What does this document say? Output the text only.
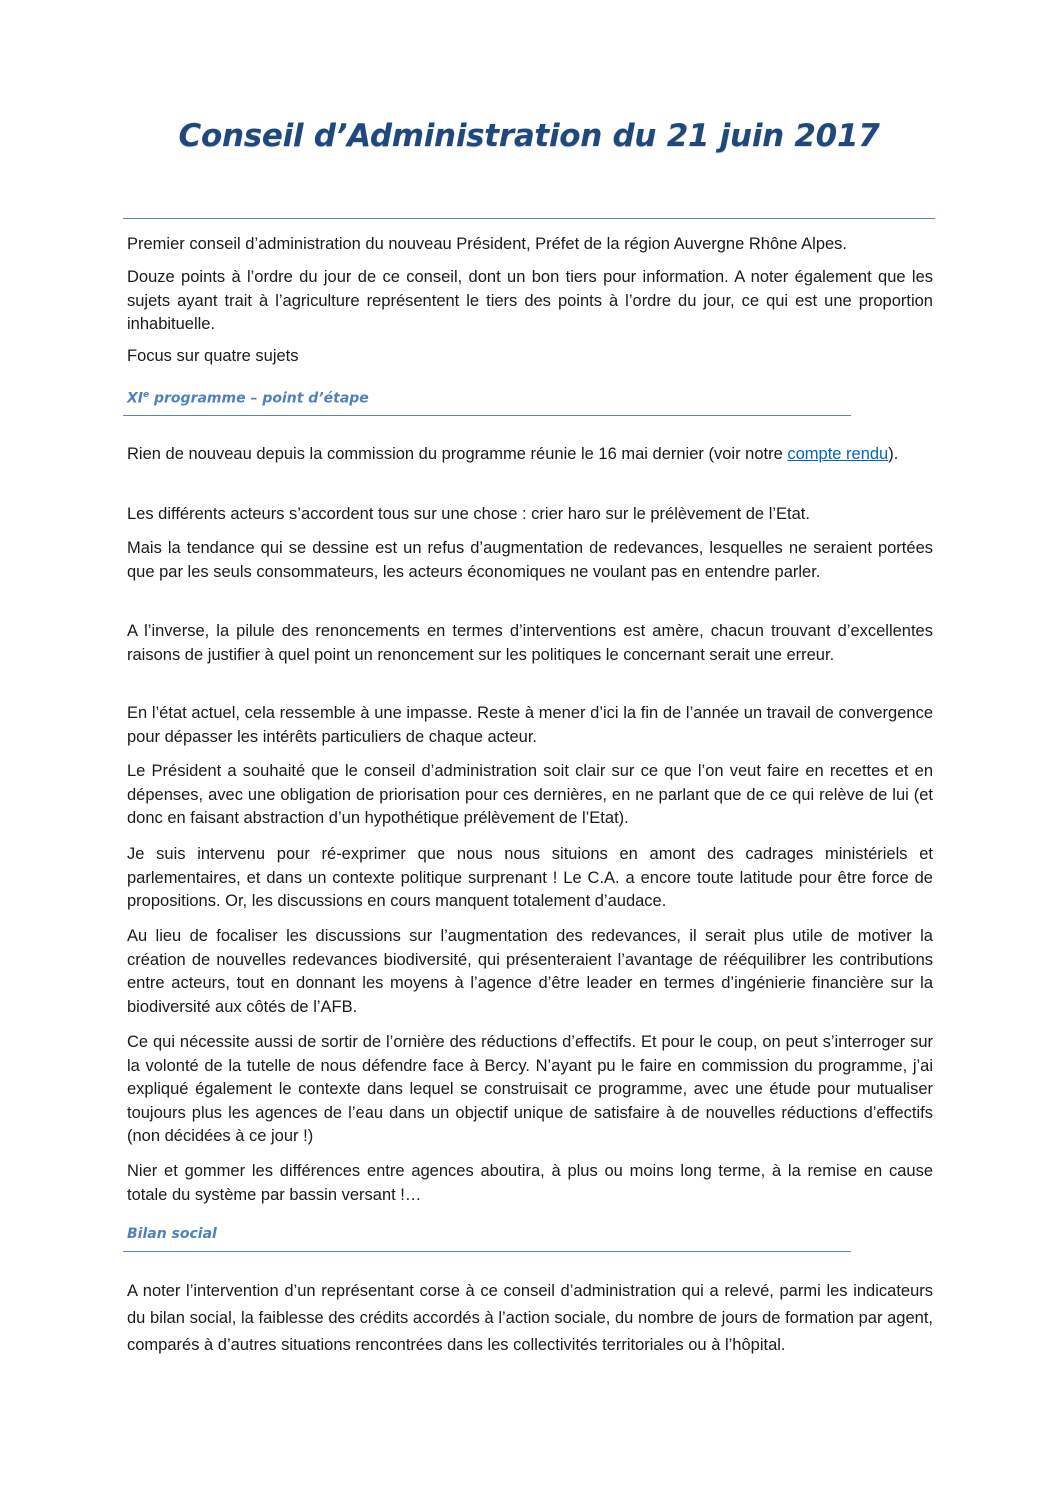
Conseil d’Administration du 21 juin 2017

Premier conseil d’administration du nouveau Président, Préfet de la région Auvergne Rhône Alpes.

Douze points à l’ordre du jour de ce conseil, dont un bon tiers pour information. A noter également que les sujets ayant trait à l’agriculture représentent le tiers des points à l’ordre du jour, ce qui est une proportion inhabituelle.

Focus sur quatre sujets

XIe programme – point d’étape

Rien de nouveau depuis la commission du programme réunie le 16 mai dernier (voir notre compte rendu).

Les différents acteurs s’accordent tous sur une chose : crier haro sur le prélèvement de l’Etat.

Mais la tendance qui se dessine est un refus d’augmentation de redevances, lesquelles ne seraient portées que par les seuls consommateurs, les acteurs économiques ne voulant pas en entendre parler.

A l’inverse, la pilule des renoncements en termes d’interventions est amère, chacun trouvant d’excellentes raisons de justifier à quel point un renoncement sur les politiques le concernant serait une erreur.

En l’état actuel, cela ressemble à une impasse. Reste à mener d’ici la fin de l’année un travail de convergence pour dépasser les intérêts particuliers de chaque acteur.

Le Président a souhaité que le conseil d’administration soit clair sur ce que l’on veut faire en recettes et en dépenses, avec une obligation de priorisation pour ces dernières, en ne parlant que de ce qui relève de lui (et donc en faisant abstraction d’un hypothétique prélèvement de l’Etat).

Je suis intervenu pour ré-exprimer que nous nous situions en amont des cadrages ministériels et parlementaires, et dans un contexte politique surprenant ! Le C.A. a encore toute latitude pour être force de propositions. Or, les discussions en cours manquent totalement d’audace.

Au lieu de focaliser les discussions sur l’augmentation des redevances, il serait plus utile de motiver la création de nouvelles redevances biodiversité, qui présenteraient l’avantage de rééquilibrer les contributions entre acteurs, tout en donnant les moyens à l’agence d’être leader en termes d’ingénierie financière sur la biodiversité aux côtés de l’AFB.

Ce qui nécessite aussi de sortir de l’ornière des réductions d’effectifs. Et pour le coup, on peut s’interroger sur la volonté de la tutelle de nous défendre face à Bercy. N’ayant pu le faire en commission du programme, j’ai expliqué également le contexte dans lequel se construisait ce programme, avec une étude pour mutualiser toujours plus les agences de l’eau dans un objectif unique de satisfaire à de nouvelles réductions d’effectifs (non décidées à ce jour !)

Nier et gommer les différences entre agences aboutira, à plus ou moins long terme, à la remise en cause totale du système par bassin versant !…

Bilan social

A noter l’intervention d’un représentant corse à ce conseil d’administration qui a relevé, parmi les indicateurs du bilan social, la faiblesse des crédits accordés à l’action sociale, du nombre de jours de formation par agent, comparés à d’autres situations rencontrées dans les collectivités territoriales ou à l’hôpital.
